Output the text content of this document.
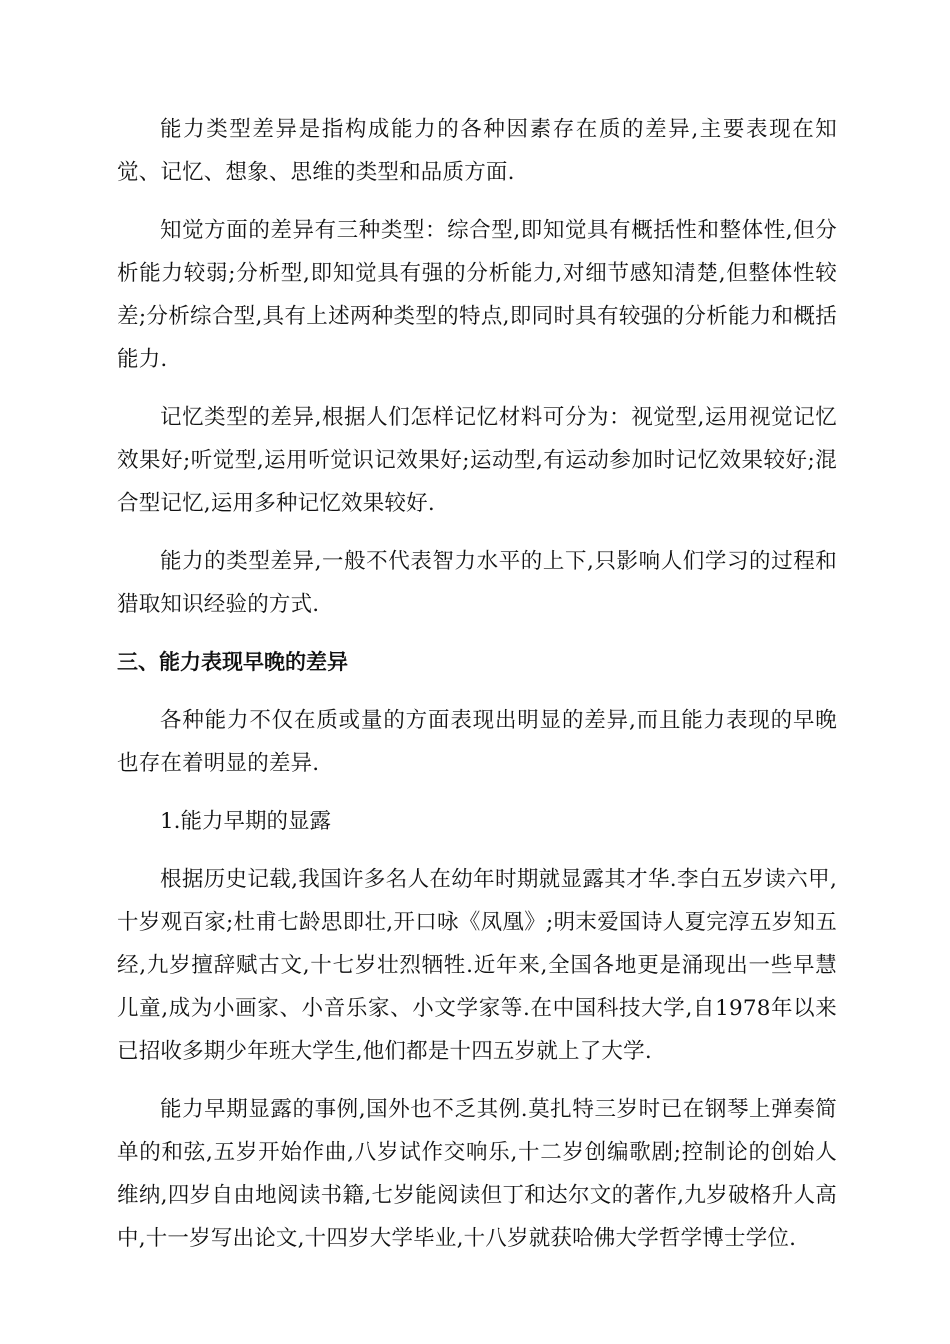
能力类型差异是指构成能力的各种因素存在质的差异,主要表现在知觉、记忆、想象、思维的类型和品质方面.

知觉方面的差异有三种类型：综合型,即知觉具有概括性和整体性,但分析能力较弱;分析型,即知觉具有强的分析能力,对细节感知清楚,但整体性较差;分析综合型,具有上述两种类型的特点,即同时具有较强的分析能力和概括能力.

记忆类型的差异,根据人们怎样记忆材料可分为：视觉型,运用视觉记忆效果好;听觉型,运用听觉识记效果好;运动型,有运动参加时记忆效果较好;混合型记忆,运用多种记忆效果较好.

能力的类型差异,一般不代表智力水平的上下,只影响人们学习的过程和猎取知识经验的方式.

三、能力表现早晚的差异

各种能力不仅在质或量的方面表现出明显的差异,而且能力表现的早晚也存在着明显的差异.

1.能力早期的显露

根据历史记载,我国许多名人在幼年时期就显露其才华.李白五岁读六甲,十岁观百家;杜甫七龄思即壮,开口咏《凤凰》;明末爱国诗人夏完淳五岁知五经,九岁擅辞赋古文,十七岁壮烈牺牲.近年来,全国各地更是涌现出一些早慧儿童,成为小画家、小音乐家、小文学家等.在中国科技大学,自1978年以来已招收多期少年班大学生,他们都是十四五岁就上了大学.

能力早期显露的事例,国外也不乏其例.莫扎特三岁时已在钢琴上弹奏简单的和弦,五岁开始作曲,八岁试作交响乐,十二岁创编歌剧;控制论的创始人维纳,四岁自由地阅读书籍,七岁能阅读但丁和达尔文的著作,九岁破格升人高中,十一岁写出论文,十四岁大学毕业,十八岁就获哈佛大学哲学博士学位.
